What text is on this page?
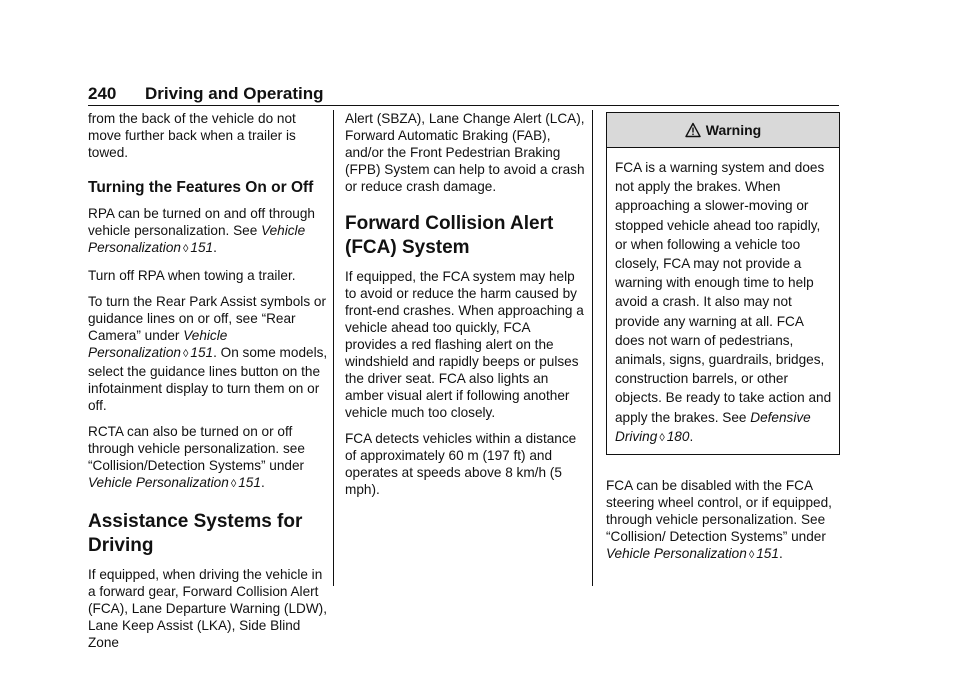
240 Driving and Operating

from the back of the vehicle do not move further back when a trailer is towed.

Turning the Features On or Off

RPA can be turned on and off through vehicle personalization. See Vehicle Personalization ◊ 151.

Turn off RPA when towing a trailer.

To turn the Rear Park Assist symbols or guidance lines on or off, see “Rear Camera” under Vehicle Personalization ◊ 151. On some models, select the guidance lines button on the infotainment display to turn them on or off.

RCTA can also be turned on or off through vehicle personalization. see “Collision/Detection Systems” under Vehicle Personalization ◊ 151.

Assistance Systems for Driving

If equipped, when driving the vehicle in a forward gear, Forward Collision Alert (FCA), Lane Departure Warning (LDW), Lane Keep Assist (LKA), Side Blind Zone

Alert (SBZA), Lane Change Alert (LCA), Forward Automatic Braking (FAB), and/or the Front Pedestrian Braking (FPB) System can help to avoid a crash or reduce crash damage.

Forward Collision Alert (FCA) System

If equipped, the FCA system may help to avoid or reduce the harm caused by front-end crashes. When approaching a vehicle ahead too quickly, FCA provides a red flashing alert on the windshield and rapidly beeps or pulses the driver seat. FCA also lights an amber visual alert if following another vehicle much too closely.

FCA detects vehicles within a distance of approximately 60 m (197 ft) and operates at speeds above 8 km/h (5 mph).

Warning
FCA is a warning system and does not apply the brakes. When approaching a slower-moving or stopped vehicle ahead too rapidly, or when following a vehicle too closely, FCA may not provide a warning with enough time to help avoid a crash. It also may not provide any warning at all. FCA does not warn of pedestrians, animals, signs, guardrails, bridges, construction barrels, or other objects. Be ready to take action and apply the brakes. See Defensive Driving ◊ 180.

FCA can be disabled with the FCA steering wheel control, or if equipped, through vehicle personalization. See “Collision/ Detection Systems” under Vehicle Personalization ◊ 151.
